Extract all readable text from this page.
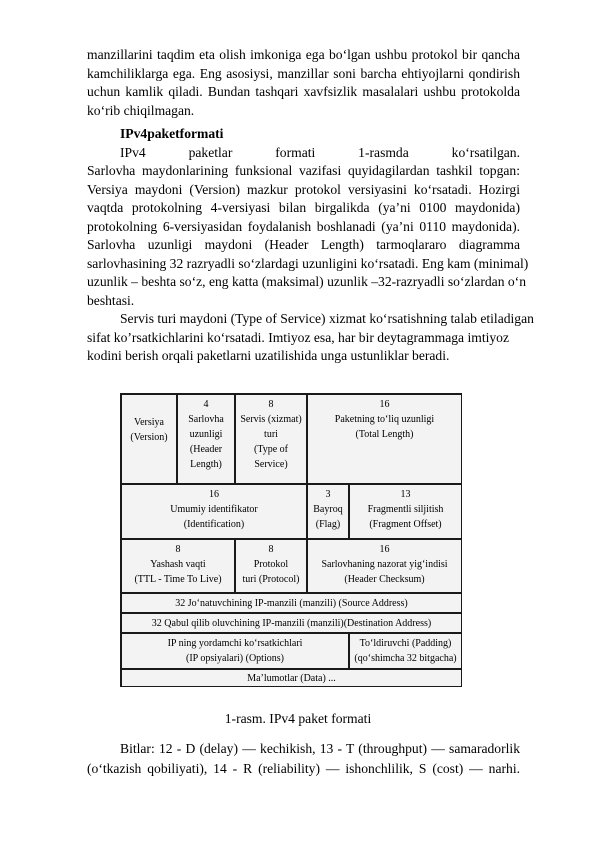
manzillarini taqdim eta olish imkoniga ega bo‘lgan ushbu protokol bir qancha
kamchiliklarga ega. Eng asosiysi, manzillar soni barcha ehtiyojlarni qondirish
uchun kamlik qiladi. Bundan tashqari xavfsizlik masalalari ushbu protokolda
ko‘rib chiqilmagan.
IPv4paketformati
IPv4 paketlar formati 1-rasmda ko‘rsatilgan.
Sarlovha maydonlarining funksional vazifasi quyidagilardan tashkil topgan:
Versiya maydoni (Version) mazkur protokol versiyasini ko‘rsatadi. Hozirgi
vaqtda protokolning 4-versiyasi bilan birgalikda (ya’ni 0100 maydonida)
protokolning 6-versiyasidan foydalanish boshlanadi (ya’ni 0110 maydonida).
Sarlovha uzunligi maydoni (Header Length) tarmoqlararo diagramma
sarlovhasining 32 razryadli so‘zlardagi uzunligini ko‘rsatadi. Eng kam (minimal)
uzunlik – beshta so‘z, eng katta (maksimal) uzunlik –32-razryadli so‘zlardan o‘n
beshtasi.
Servis turi maydoni (Type of Service) xizmat ko‘rsatishning talab etiladigan
sifat ko’rsatkichlarini ko‘rsatadi. Imtiyoz esa, har bir deytagrammaga imtiyoz
kodini berish orqali paketlarni uzatilishida unga ustunliklar beradi.
Versiya
(Version)
4
Sarlovha
uzunligi
(Header
Length)
8
Servis (xizmat)
turi
(Type of
Service)
16
Paketning to‘liq uzunligi
(Total Length)
16
Umumiy identifikator
(Identification)
3
Bayroq
(Flag)
13
Fragmentli siljitish
(Fragment Offset)
8
Yashash vaqti
(TTL - Time To Live)
8
Protokol
turi (Protocol)
16
Sarlovhaning nazorat yig‘indisi
(Header Checksum)
32 Jo‘natuvchining IP-manzili (manzili) (Source Address)
32 Qabul qilib oluvchining IP-manzili (manzili)(Destination Address)
IP ning yordamchi ko‘rsatkichlari
(IP opsiyalari) (Options)
To‘ldiruvchi (Padding)
(qo‘shimcha 32 bitgacha)
Ma’lumotlar (Data) ...
1-rasm. IPv4 paket formati
Bitlar: 12 - D (delay) — kechikish, 13 - T (throughput) — samaradorlik
(o‘tkazish qobiliyati), 14 - R (reliability) — ishonchlilik, S (cost) — narhi.
